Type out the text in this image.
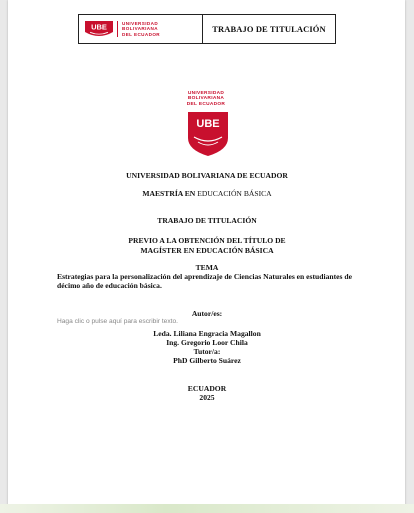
UBE	UNIVERSIDAD
BOLIVARIANA
DEL ECUADOR
TRABAJO DE TITULACIÓN
UNIVERSIDAD
BOLIVARIANA
DEL ECUADOR
UBE
UNIVERSIDAD BOLIVARIANA DE ECUADOR
MAESTRÍA EN EDUCACIÓN BÁSICA
TRABAJO DE TITULACIÓN
PREVIO A LA OBTENCIÓN DEL TÍTULO DE
MAGÍSTER EN EDUCACIÓN BÁSICA
TEMA
Estrategias para la personalización del aprendizaje de Ciencias Naturales en estudiantes de décimo año de educación básica.
Autor/es:
Haga clic o pulse aquí para escribir texto.
Leda. Liliana Engracia Magallon
Ing. Gregorio Loor Chila
Tutor/a:
PhD Gilberto Suárez
ECUADOR
2025
